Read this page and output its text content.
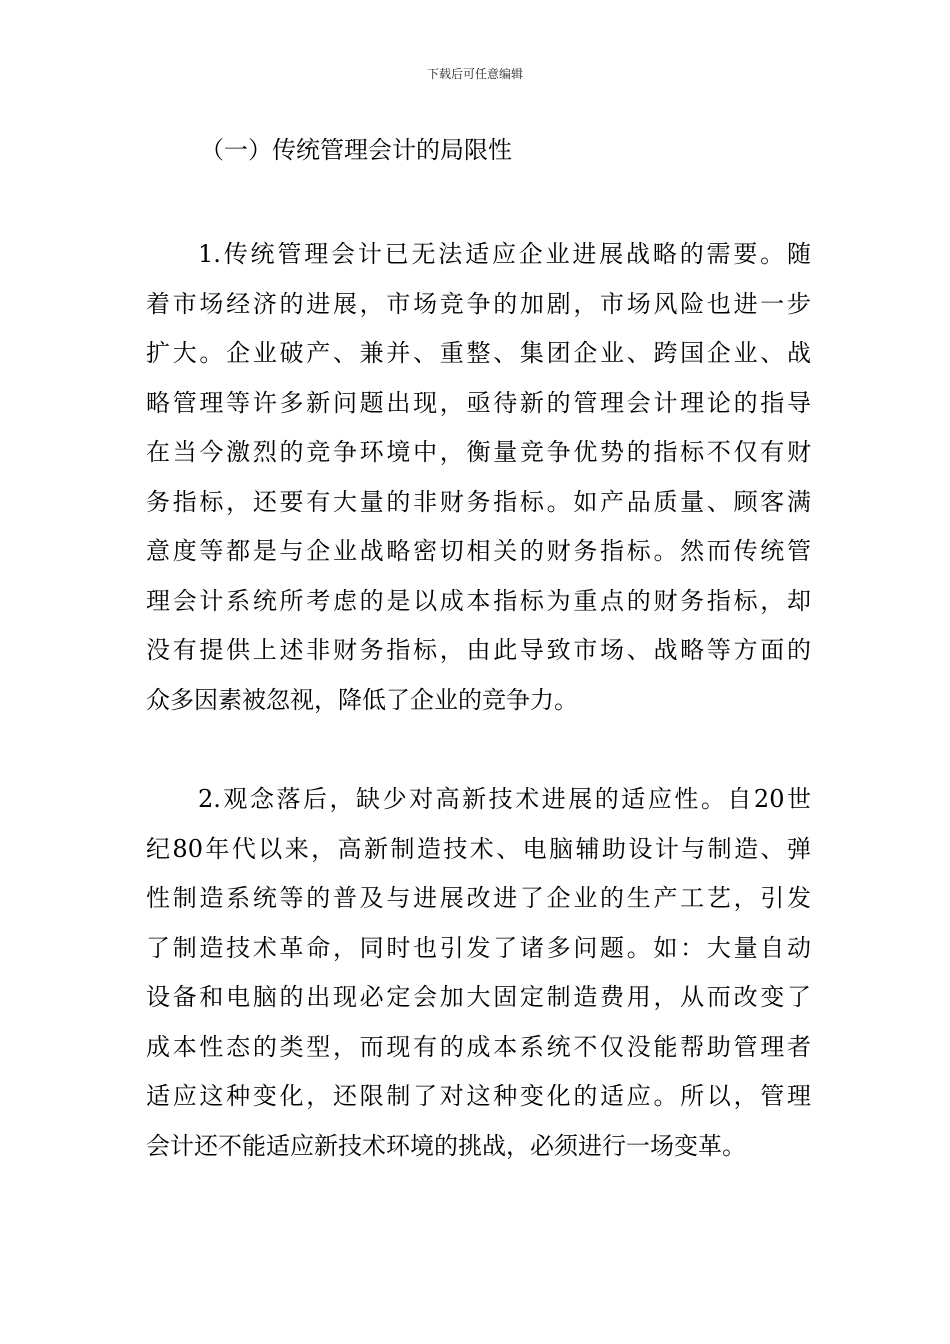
下载后可任意编辑
（一）传统管理会计的局限性
1.传统管理会计已无法适应企业进展战略的需要。随
着市场经济的进展，市场竞争的加剧，市场风险也进一步
扩大。企业破产、兼并、重整、集团企业、跨国企业、战
略管理等许多新问题出现，亟待新的管理会计理论的指导
在当今激烈的竞争环境中，衡量竞争优势的指标不仅有财
务指标，还要有大量的非财务指标。如产品质量、顾客满
意度等都是与企业战略密切相关的财务指标。然而传统管
理会计系统所考虑的是以成本指标为重点的财务指标，却
没有提供上述非财务指标，由此导致市场、战略等方面的
众多因素被忽视，降低了企业的竞争力。
2.观念落后，缺少对高新技术进展的适应性。自20世
纪80年代以来，高新制造技术、电脑辅助设计与制造、弹
性制造系统等的普及与进展改进了企业的生产工艺，引发
了制造技术革命，同时也引发了诸多问题。如：大量自动
设备和电脑的出现必定会加大固定制造费用，从而改变了
成本性态的类型，而现有的成本系统不仅没能帮助管理者
适应这种变化，还限制了对这种变化的适应。所以，管理
会计还不能适应新技术环境的挑战，必须进行一场变革。
